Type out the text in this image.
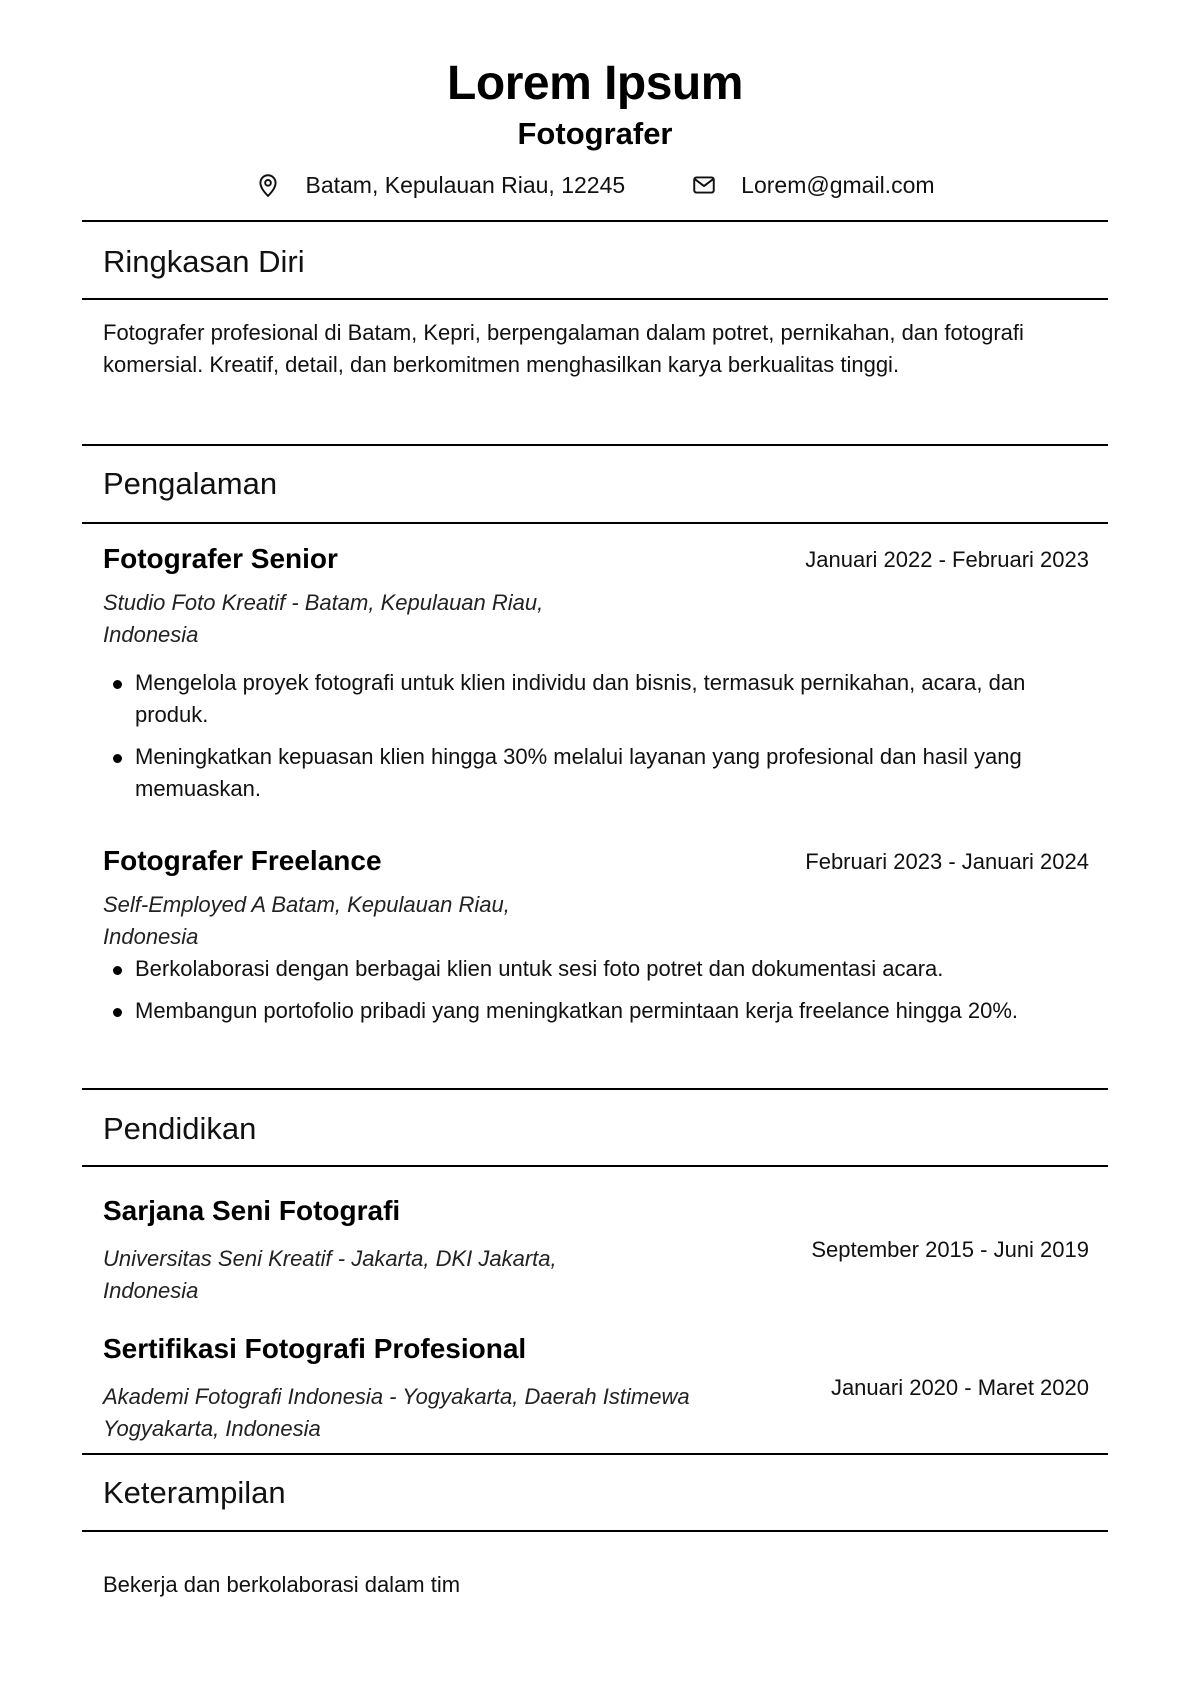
Lorem Ipsum
Fotografer
Batam, Kepulauan Riau, 12245	Lorem@gmail.com
Ringkasan Diri
Fotografer profesional di Batam, Kepri, berpengalaman dalam potret, pernikahan, dan fotografi komersial. Kreatif, detail, dan berkomitmen menghasilkan karya berkualitas tinggi.
Pengalaman
Fotografer Senior	Januari 2022 - Februari 2023
Studio Foto Kreatif - Batam, Kepulauan Riau, Indonesia
Mengelola proyek fotografi untuk klien individu dan bisnis, termasuk pernikahan, acara, dan produk.
Meningkatkan kepuasan klien hingga 30% melalui layanan yang profesional dan hasil yang memuaskan.
Fotografer Freelance	Februari 2023 - Januari 2024
Self-Employed A Batam, Kepulauan Riau, Indonesia
Berkolaborasi dengan berbagai klien untuk sesi foto potret dan dokumentasi acara.
Membangun portofolio pribadi yang meningkatkan permintaan kerja freelance hingga 20%.
Pendidikan
Sarjana Seni Fotografi
September 2015 - Juni 2019
Universitas Seni Kreatif - Jakarta, DKI Jakarta, Indonesia
Sertifikasi Fotografi Profesional
Januari 2020 - Maret 2020
Akademi Fotografi Indonesia - Yogyakarta, Daerah Istimewa Yogyakarta, Indonesia
Keterampilan
Bekerja dan berkolaborasi dalam tim
